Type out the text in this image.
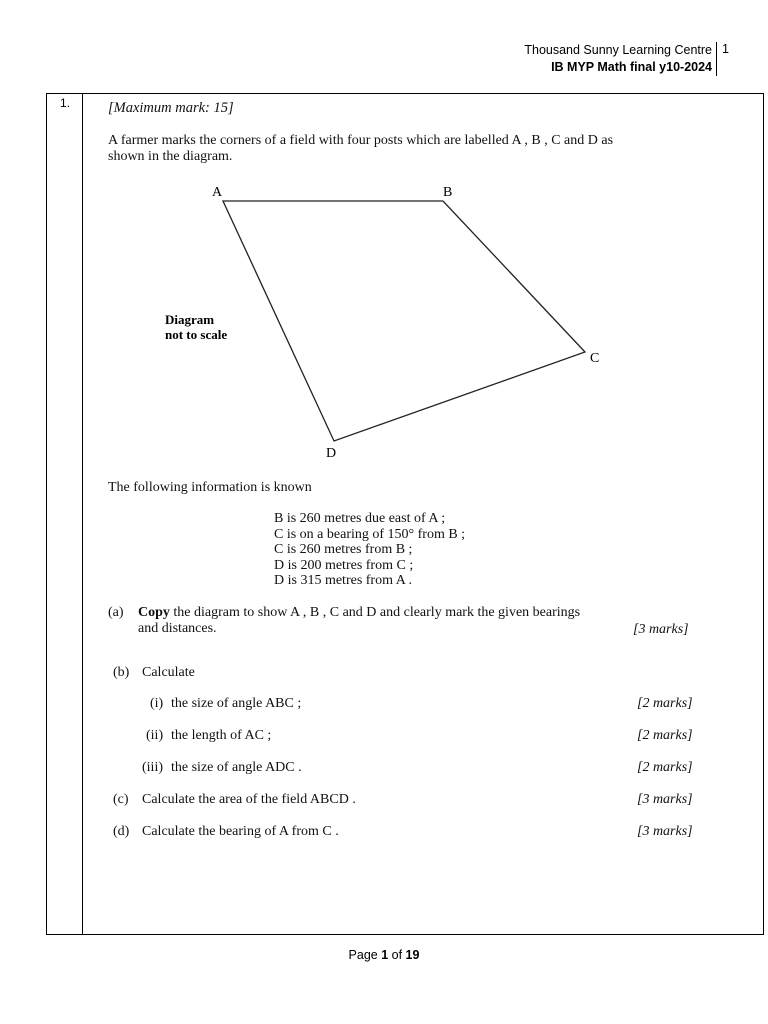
Thousand Sunny Learning Centre
IB MYP Math final y10-2024
1
1.	[Maximum mark: 15]
A farmer marks the corners of a field with four posts which are labelled A , B , C and D as shown in the diagram.
A	B
C
D
Diagram
not to scale
The following information is known
B is 260 metres due east of A ;
C is on a bearing of 150° from B ;
C is 260 metres from B ;
D is 200 metres from C ;
D is 315 metres from A .
(a)	Copy the diagram to show A , B , C and D and clearly mark the given bearings and distances.	[3 marks]
(b) Calculate
(i) the size of angle ABC ;	[2 marks]
(ii) the length of AC ;	[2 marks]
(iii) the size of angle ADC .	[2 marks]
(c) Calculate the area of the field ABCD .	[3 marks]
(d) Calculate the bearing of A from C .	[3 marks]
Page 1 of 19
